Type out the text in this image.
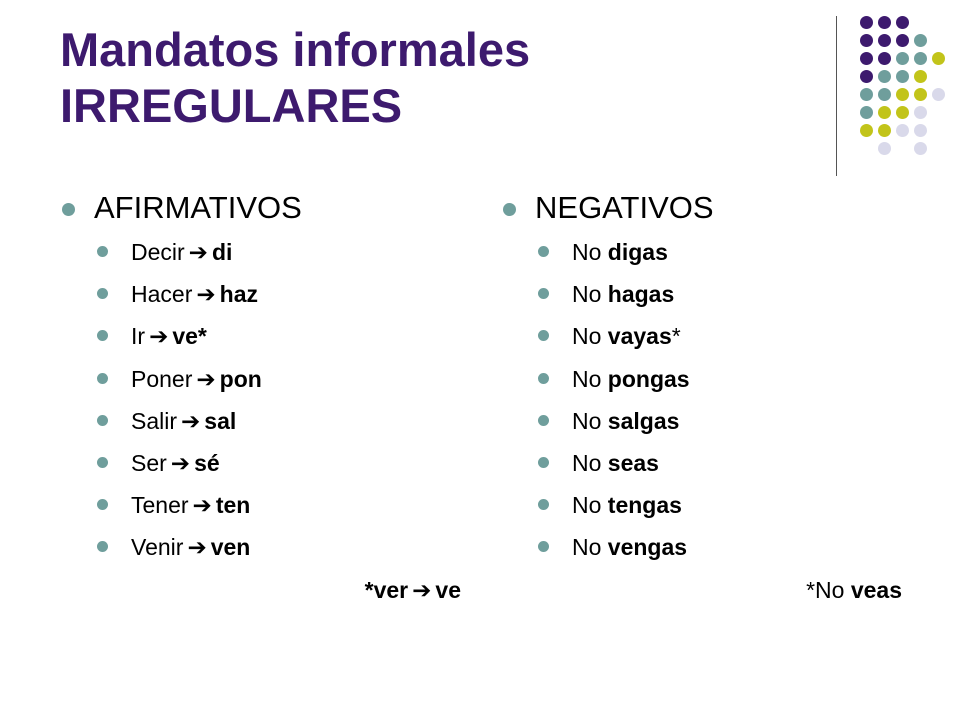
Mandatos informales
IRREGULARES
AFIRMATIVOS
Decir ➔ di
Hacer ➔ haz
Ir ➔ ve*
Poner ➔ pon
Salir ➔ sal
Ser ➔ sé
Tener ➔ ten
Venir ➔ ven
NEGATIVOS
No digas
No hagas
No vayas*
No pongas
No salgas
No seas
No tengas
No vengas
*ver ➔ ve	*No veas
